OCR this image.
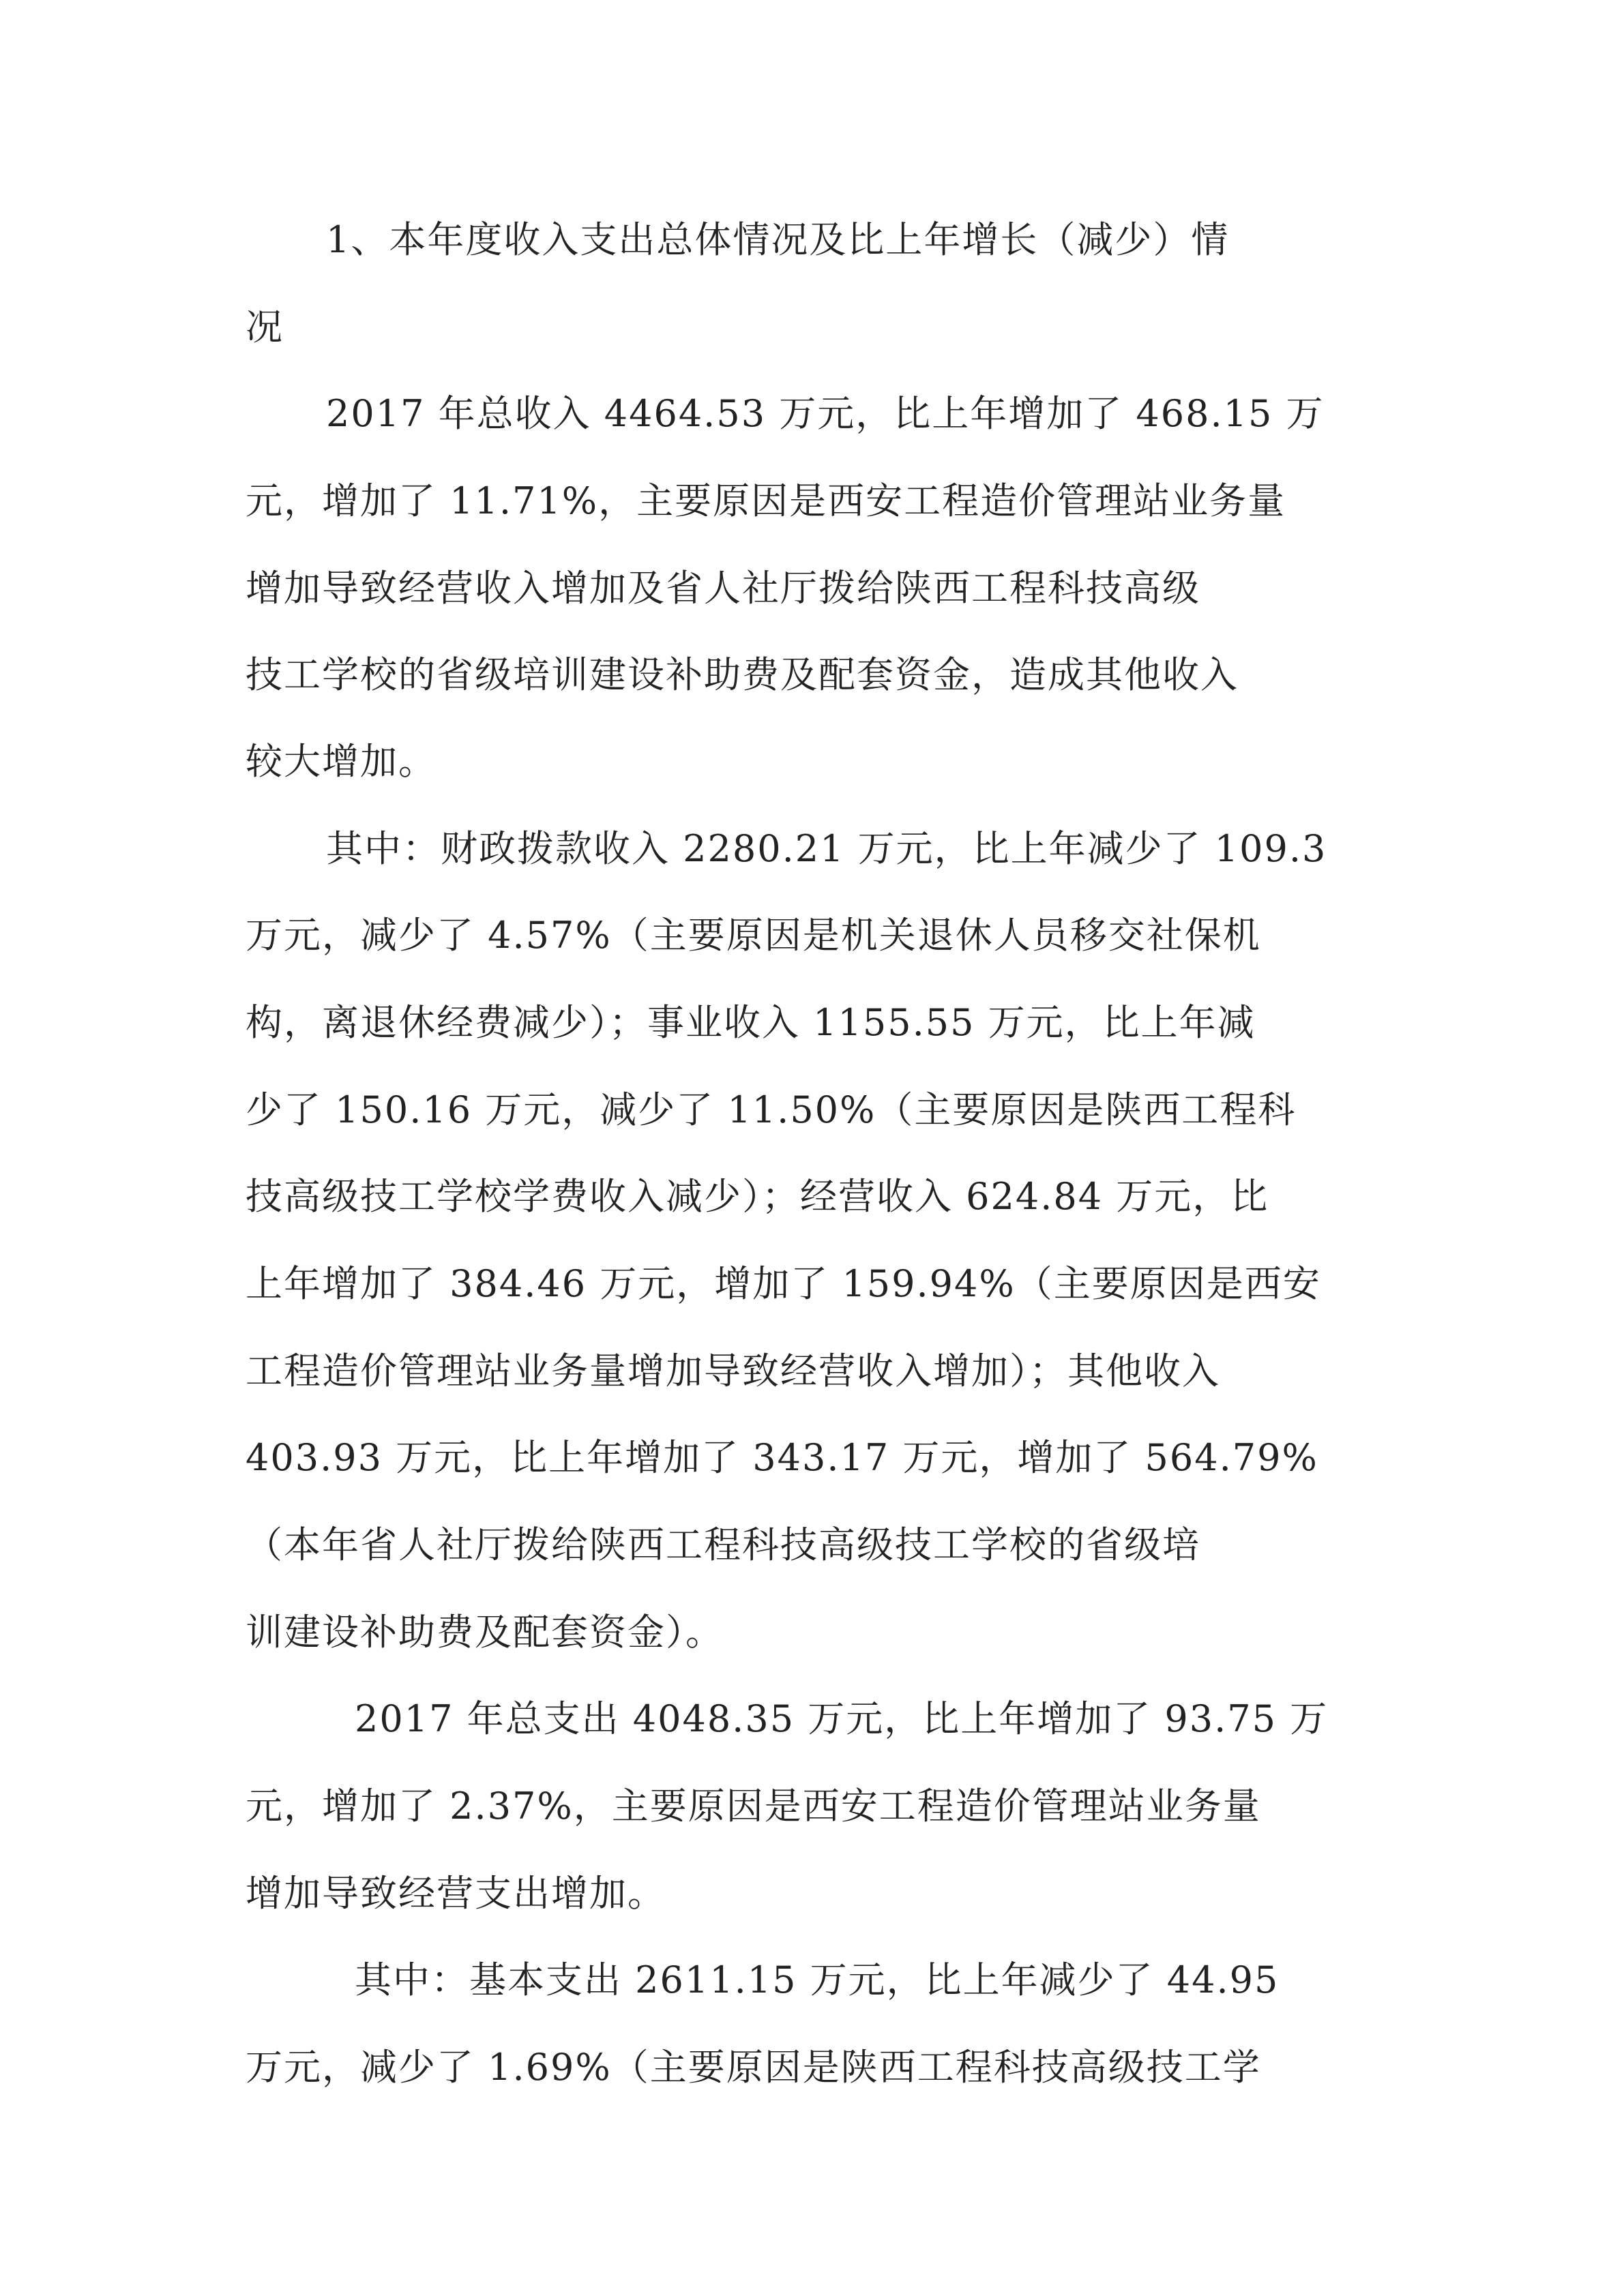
1、本年度收入支出总体情况及比上年增长（减少）情
况
2017 年总收入 4464.53 万元，比上年增加了 468.15 万
元，增加了 11.71%，主要原因是西安工程造价管理站业务量
增加导致经营收入增加及省人社厅拨给陕西工程科技高级
技工学校的省级培训建设补助费及配套资金，造成其他收入
较大增加。
其中：财政拨款收入 2280.21 万元，比上年减少了 109.3
万元，减少了 4.57%（主要原因是机关退休人员移交社保机
构，离退休经费减少）；事业收入 1155.55 万元，比上年减
少了 150.16 万元，减少了 11.50%（主要原因是陕西工程科
技高级技工学校学费收入减少）；经营收入 624.84 万元，比
上年增加了 384.46 万元，增加了 159.94%（主要原因是西安
工程造价管理站业务量增加导致经营收入增加）；其他收入
403.93 万元，比上年增加了 343.17 万元，增加了 564.79%
（本年省人社厅拨给陕西工程科技高级技工学校的省级培
训建设补助费及配套资金）。
2017 年总支出 4048.35 万元，比上年增加了 93.75 万
元，增加了 2.37%，主要原因是西安工程造价管理站业务量
增加导致经营支出增加。
其中：基本支出 2611.15 万元，比上年减少了 44.95
万元，减少了 1.69%（主要原因是陕西工程科技高级技工学
